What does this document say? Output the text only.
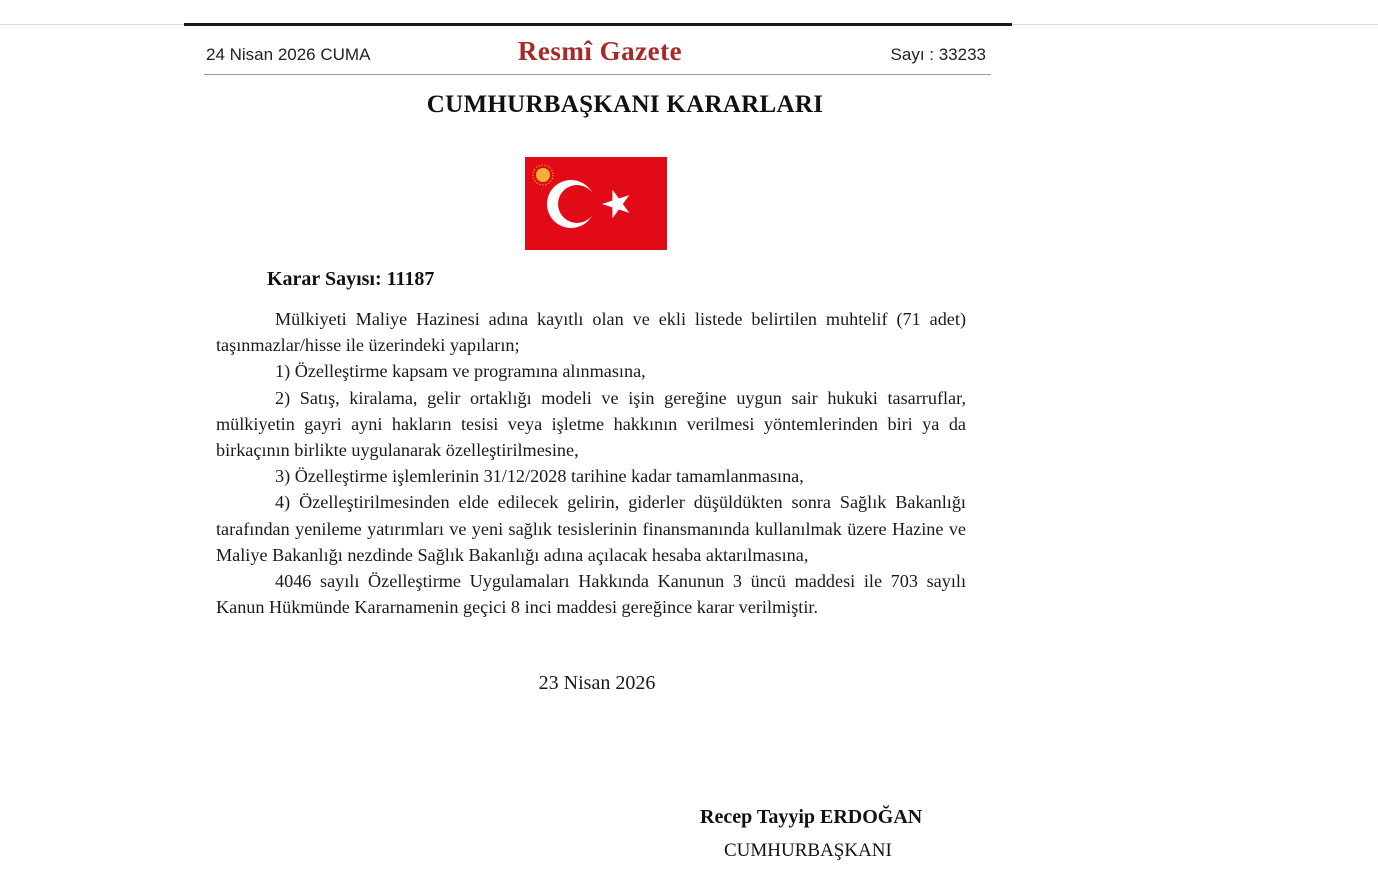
24 Nisan 2026 CUMA	Resmî Gazete	Sayı : 33233
CUMHURBAŞKANI KARARLARI
Karar Sayısı: 11187

Mülkiyeti Maliye Hazinesi adına kayıtlı olan ve ekli listede belirtilen muhtelif (71 adet) taşınmazlar/hisse ile üzerindeki yapıların;

1) Özelleştirme kapsam ve programına alınmasına,

2) Satış, kiralama, gelir ortaklığı modeli ve işin gereğine uygun sair hukuki tasarruflar, mülkiyetin gayri ayni hakların tesisi veya işletme hakkının verilmesi yöntemlerinden biri ya da birkaçının birlikte uygulanarak özelleştirilmesine,

3) Özelleştirme işlemlerinin 31/12/2028 tarihine kadar tamamlanmasına,

4) Özelleştirilmesinden elde edilecek gelirin, giderler düşüldükten sonra Sağlık Bakanlığı tarafından yenileme yatırımları ve yeni sağlık tesislerinin finansmanında kullanılmak üzere Hazine ve Maliye Bakanlığı nezdinde Sağlık Bakanlığı adına açılacak hesaba aktarılmasına,

4046 sayılı Özelleştirme Uygulamaları Hakkında Kanunun 3 üncü maddesi ile 703 sayılı Kanun Hükmünde Kararnamenin geçici 8 inci maddesi gereğince karar verilmiştir.

23 Nisan 2026
Recep Tayyip ERDOĞAN
CUMHURBAŞKANI
